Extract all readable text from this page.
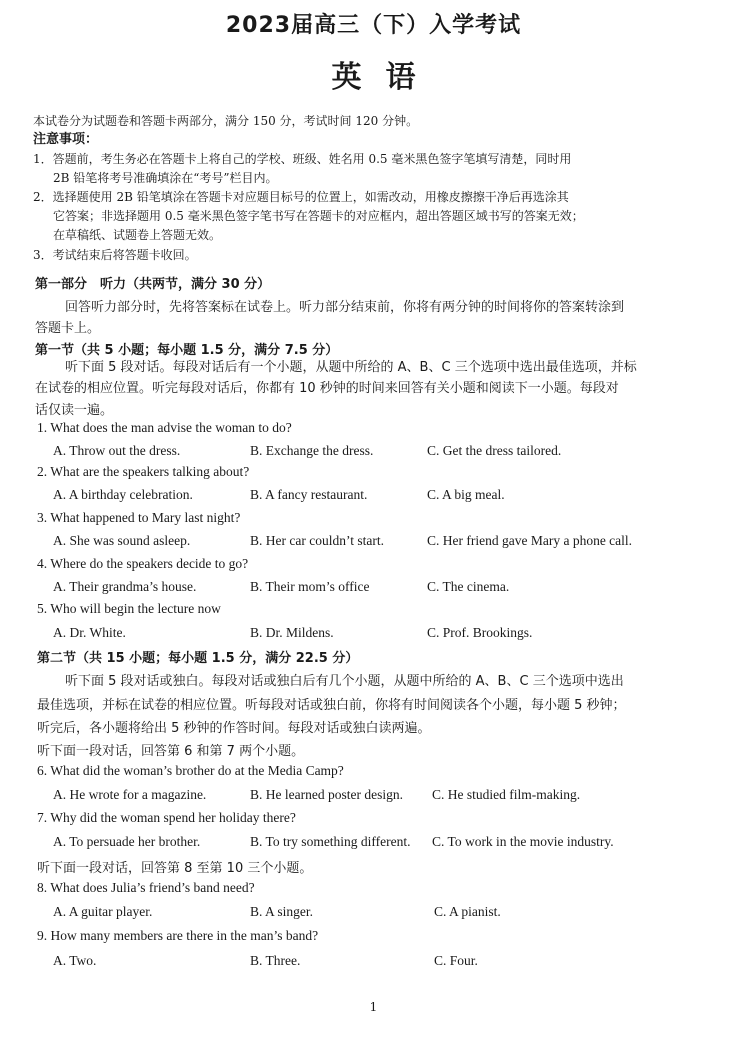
2023届高三（下）入学考试
英语
本试卷分为试题卷和答题卡两部分，满分 150 分，考试时间 120 分钟。
注意事项：
1．答题前，考生务必在答题卡上将自己的学校、班级、姓名用 0.5 毫米黑色签字笔填写清楚，同时用
2B 铅笔将考号准确填涂在“考号”栏目内。
2．选择题使用 2B 铅笔填涂在答题卡对应题目标号的位置上，如需改动，用橡皮擦擦干净后再选涂其
它答案；非选择题用 0.5 毫米黑色签字笔书写在答题卡的对应框内，超出答题区域书写的答案无效；
在草稿纸、试题卷上答题无效。
3．考试结束后将答题卡收回。
第一部分　听力（共两节，满分 30 分）
回答听力部分时，先将答案标在试卷上。听力部分结束前，你将有两分钟的时间将你的答案转涂到
答题卡上。
第一节（共 5 小题；每小题 1.5 分，满分 7.5 分）
听下面 5 段对话。每段对话后有一个小题，从题中所给的 A、B、C 三个选项中选出最佳选项，并标
在试卷的相应位置。听完每段对话后，你都有 10 秒钟的时间来回答有关小题和阅读下一小题。每段对
话仅读一遍。
1. What does the man advise the woman to do?
A. Throw out the dress.	B. Exchange the dress.	C. Get the dress tailored.
2. What are the speakers talking about?
A. A birthday celebration.	B. A fancy restaurant.	C. A big meal.
3. What happened to Mary last night?
A. She was sound asleep.	B. Her car couldn’t start.	C. Her friend gave Mary a phone call.
4. Where do the speakers decide to go?
A. Their grandma’s house.	B. Their mom’s office	C. The cinema.
5. Who will begin the lecture now
A. Dr. White.	B. Dr. Mildens.	C. Prof. Brookings.
第二节（共 15 小题；每小题 1.5 分，满分 22.5 分）
听下面 5 段对话或独白。每段对话或独白后有几个小题，从题中所给的 A、B、C 三个选项中选出
最佳选项，并标在试卷的相应位置。听每段对话或独白前，你将有时间阅读各个小题，每小题 5 秒钟；
听完后，各小题将给出 5 秒钟的作答时间。每段对话或独白读两遍。
听下面一段对话，回答第 6 和第 7 两个小题。
6. What did the woman’s brother do at the Media Camp?
A. He wrote for a magazine.	B. He learned poster design. C. He studied film-making.
7. Why did the woman spend her holiday there?
A. To persuade her brother.	B. To try something different. C. To work in the movie industry.
听下面一段对话，回答第 8 至第 10 三个小题。
8. What does Julia’s friend’s band need?
A. A guitar player.	B. A singer.	C. A pianist.
9. How many members are there in the man’s band?
A. Two.	B. Three.	C. Four.
1
